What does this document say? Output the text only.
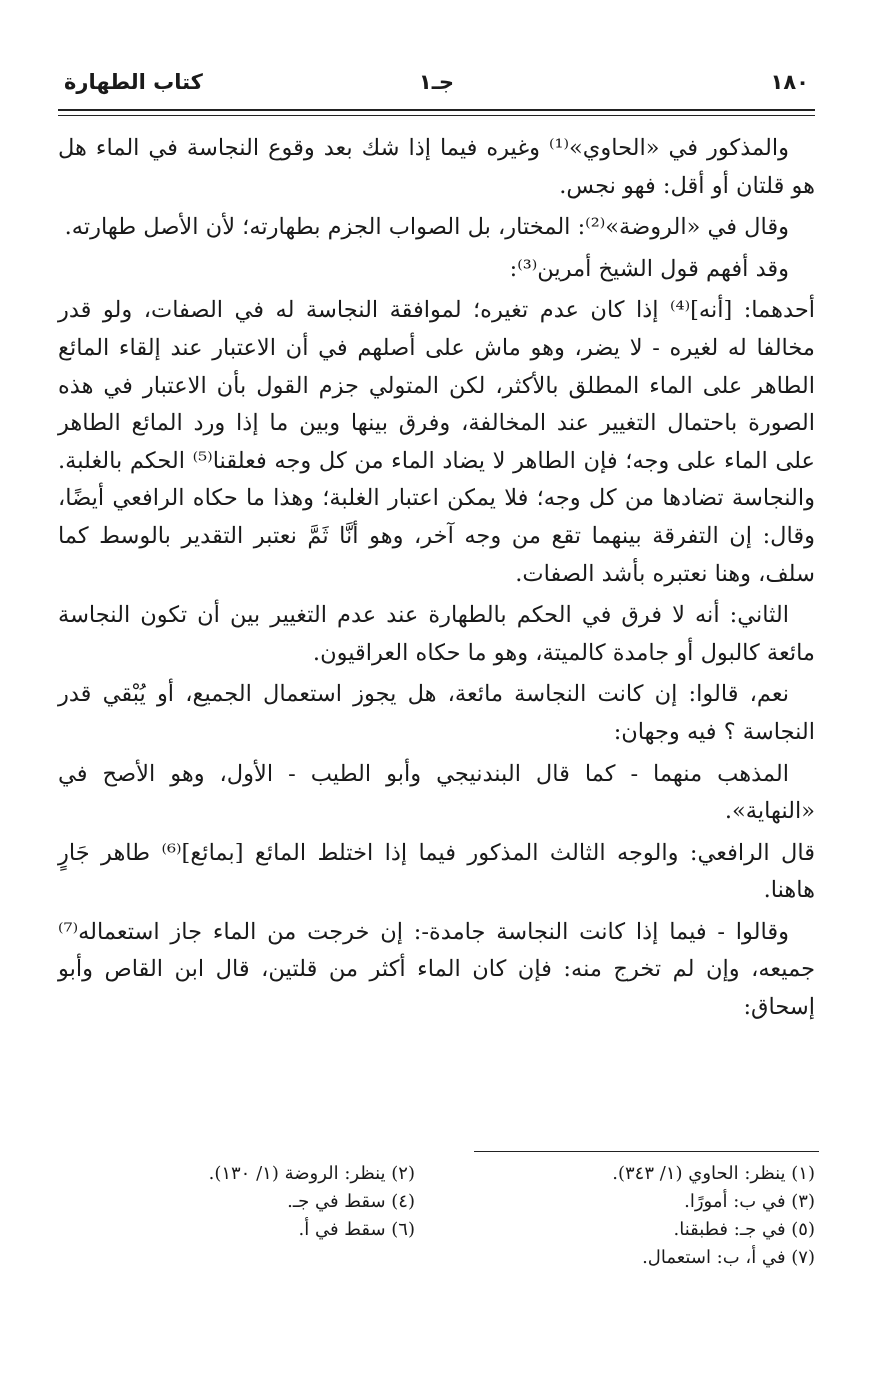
١٨٠
جـ١
كتاب الطهارة

والمذكور في «الحاوي»⁽¹⁾ وغيره فيما إذا شك بعد وقوع النجاسة في الماء هل هو قلتان أو أقل: فهو نجس.

وقال في «الروضة»⁽²⁾: المختار، بل الصواب الجزم بطهارته؛ لأن الأصل طهارته.

وقد أفهم قول الشيخ أمرين⁽³⁾:

أحدهما: [أنه]⁽⁴⁾ إذا كان عدم تغيره؛ لموافقة النجاسة له في الصفات، ولو قدر مخالفا له لغيره - لا يضر، وهو ماش على أصلهم في أن الاعتبار عند إلقاء المائع الطاهر على الماء المطلق بالأكثر، لكن المتولي جزم القول بأن الاعتبار في هذه الصورة باحتمال التغيير عند المخالفة، وفرق بينها وبين ما إذا ورد المائع الطاهر على الماء على وجه؛ فإن الطاهر لا يضاد الماء من كل وجه فعلقنا⁽⁵⁾ الحكم بالغلبة. والنجاسة تضادها من كل وجه؛ فلا يمكن اعتبار الغلبة؛ وهذا ما حكاه الرافعي أيضًا، وقال: إن التفرقة بينهما تقع من وجه آخر، وهو أنَّا ثَمَّ نعتبر التقدير بالوسط كما سلف، وهنا نعتبره بأشد الصفات.

الثاني: أنه لا فرق في الحكم بالطهارة عند عدم التغيير بين أن تكون النجاسة مائعة كالبول أو جامدة كالميتة، وهو ما حكاه العراقيون.

نعم، قالوا: إن كانت النجاسة مائعة، هل يجوز استعمال الجميع، أو يُبْقي قدر النجاسة ؟ فيه وجهان:

المذهب منهما - كما قال البندنيجي وأبو الطيب - الأول، وهو الأصح في «النهاية».

قال الرافعي: والوجه الثالث المذكور فيما إذا اختلط المائع [بمائع]⁽⁶⁾ طاهر جَارٍ هاهنا.

وقالوا - فيما إذا كانت النجاسة جامدة-: إن خرجت من الماء جاز استعماله⁽⁷⁾ جميعه، وإن لم تخرج منه: فإن كان الماء أكثر من قلتين، قال ابن القاص وأبو إسحاق:

(١) ينظر: الحاوي (١/ ٣٤٣).
(٣) في ب: أمورًا.
(٥) في جـ: فطبقنا.
(٧) في أ، ب: استعمال.
(٢) ينظر: الروضة (١/ ١٣٠).
(٤) سقط في جـ.
(٦) سقط في أ.
